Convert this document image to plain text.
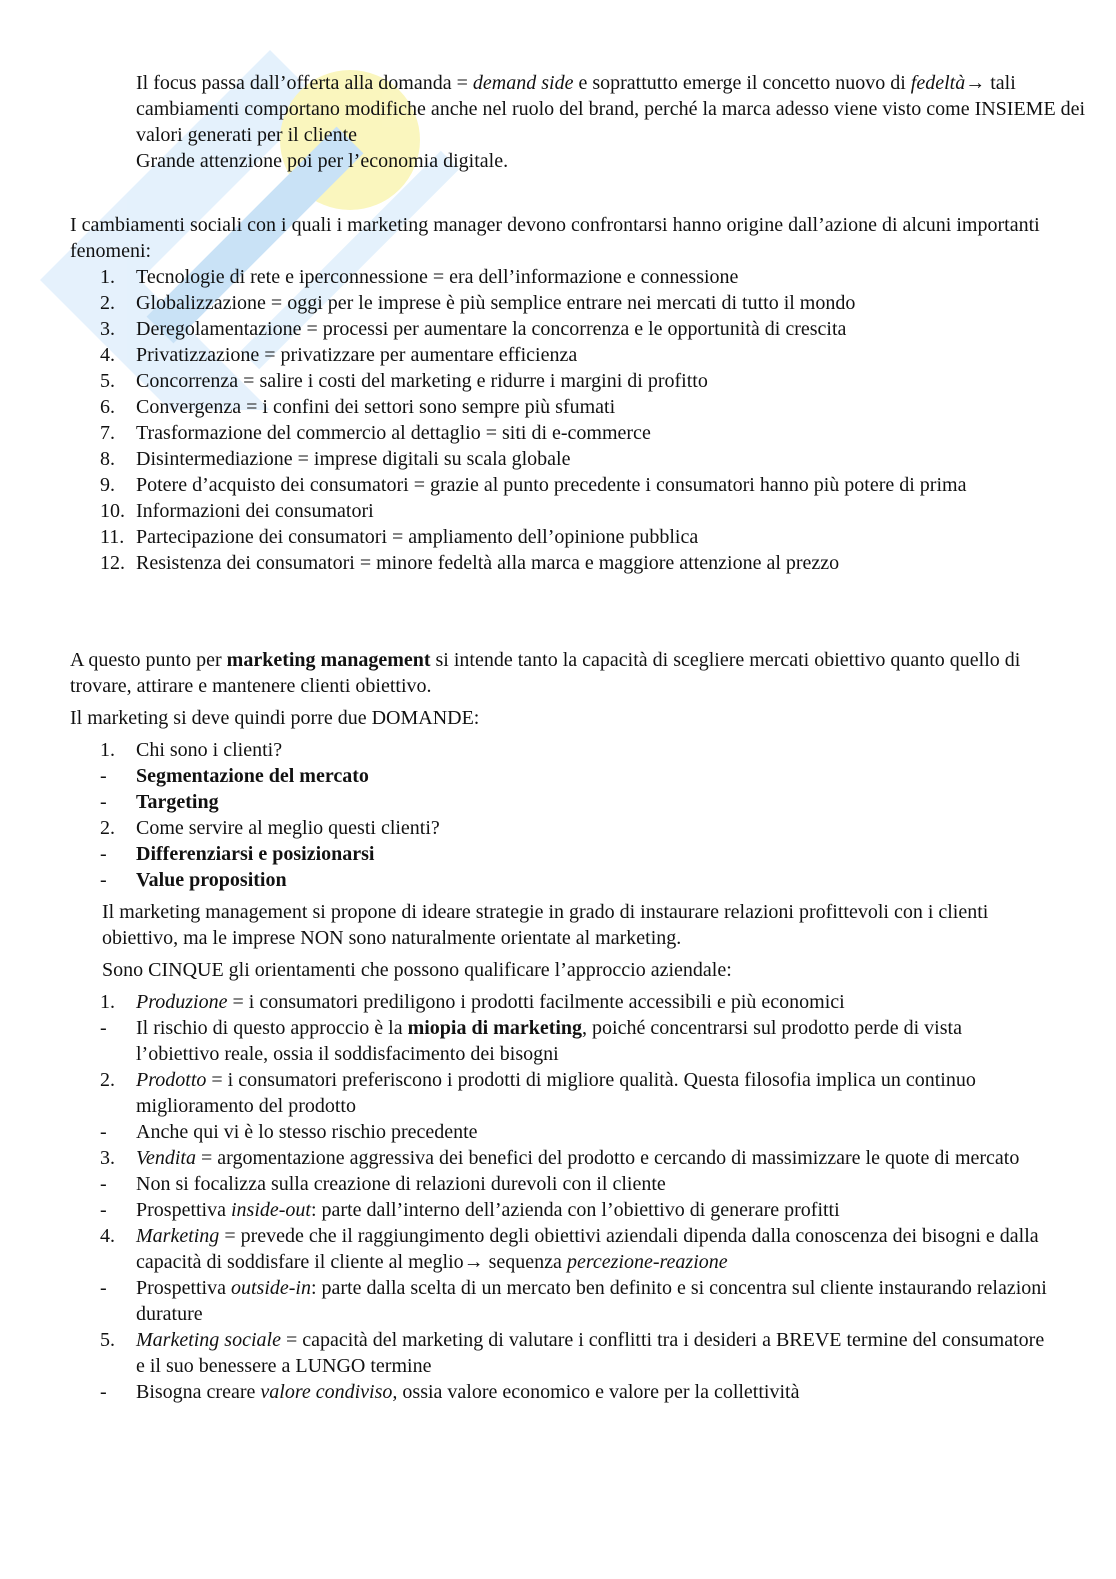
Il focus passa dall’offerta alla domanda = demand side e soprattutto emerge il concetto nuovo di fedeltà→ tali cambiamenti comportano modifiche anche nel ruolo del brand, perché la marca adesso viene visto come INSIEME dei valori generati per il cliente

Grande attenzione poi per l’economia digitale.

I cambiamenti sociali con i quali i marketing manager devono confrontarsi hanno origine dall’azione di alcuni importanti fenomeni:

1.	Tecnologie di rete e iperconnessione = era dell’informazione e connessione
2.	Globalizzazione = oggi per le imprese è più semplice entrare nei mercati di tutto il mondo
3.	Deregolamentazione = processi per aumentare la concorrenza e le opportunità di crescita
4.	Privatizzazione = privatizzare per aumentare efficienza
5.	Concorrenza = salire i costi del marketing e ridurre i margini di profitto
6.	Convergenza = i confini dei settori sono sempre più sfumati
7.	Trasformazione del commercio al dettaglio = siti di e-commerce
8.	Disintermediazione = imprese digitali su scala globale
9.	Potere d’acquisto dei consumatori = grazie al punto precedente i consumatori hanno più potere di prima
10. Informazioni dei consumatori
11. Partecipazione dei consumatori = ampliamento dell’opinione pubblica
12. Resistenza dei consumatori = minore fedeltà alla marca e maggiore attenzione al prezzo

A questo punto per marketing management si intende tanto la capacità di scegliere mercati obiettivo quanto quello di trovare, attirare e mantenere clienti obiettivo.

Il marketing si deve quindi porre due DOMANDE:

1.	Chi sono i clienti?
- Segmentazione del mercato
- Targeting
2.	Come servire al meglio questi clienti?
- Differenziarsi e posizionarsi
- Value proposition

Il marketing management si propone di ideare strategie in grado di instaurare relazioni profittevoli con i clienti obiettivo, ma le imprese NON sono naturalmente orientate al marketing.

Sono CINQUE gli orientamenti che possono qualificare l’approccio aziendale:

1.	Produzione = i consumatori prediligono i prodotti facilmente accessibili e più economici
- Il rischio di questo approccio è la miopia di marketing, poiché concentrarsi sul prodotto perde di vista l’obiettivo reale, ossia il soddisfacimento dei bisogni
2.	Prodotto = i consumatori preferiscono i prodotti di migliore qualità. Questa filosofia implica un continuo miglioramento del prodotto
- Anche qui vi è lo stesso rischio precedente
3.	Vendita = argomentazione aggressiva dei benefici del prodotto e cercando di massimizzare le quote di mercato
- Non si focalizza sulla creazione di relazioni durevoli con il cliente
- Prospettiva inside-out: parte dall’interno dell’azienda con l’obiettivo di generare profitti
4.	Marketing = prevede che il raggiungimento degli obiettivi aziendali dipenda dalla conoscenza dei bisogni e dalla capacità di soddisfare il cliente al meglio→ sequenza percezione-reazione
- Prospettiva outside-in: parte dalla scelta di un mercato ben definito e si concentra sul cliente instaurando relazioni durature
5.	Marketing sociale = capacità del marketing di valutare i conflitti tra i desideri a BREVE termine del consumatore e il suo benessere a LUNGO termine
- Bisogna creare valore condiviso, ossia valore economico e valore per la collettività
